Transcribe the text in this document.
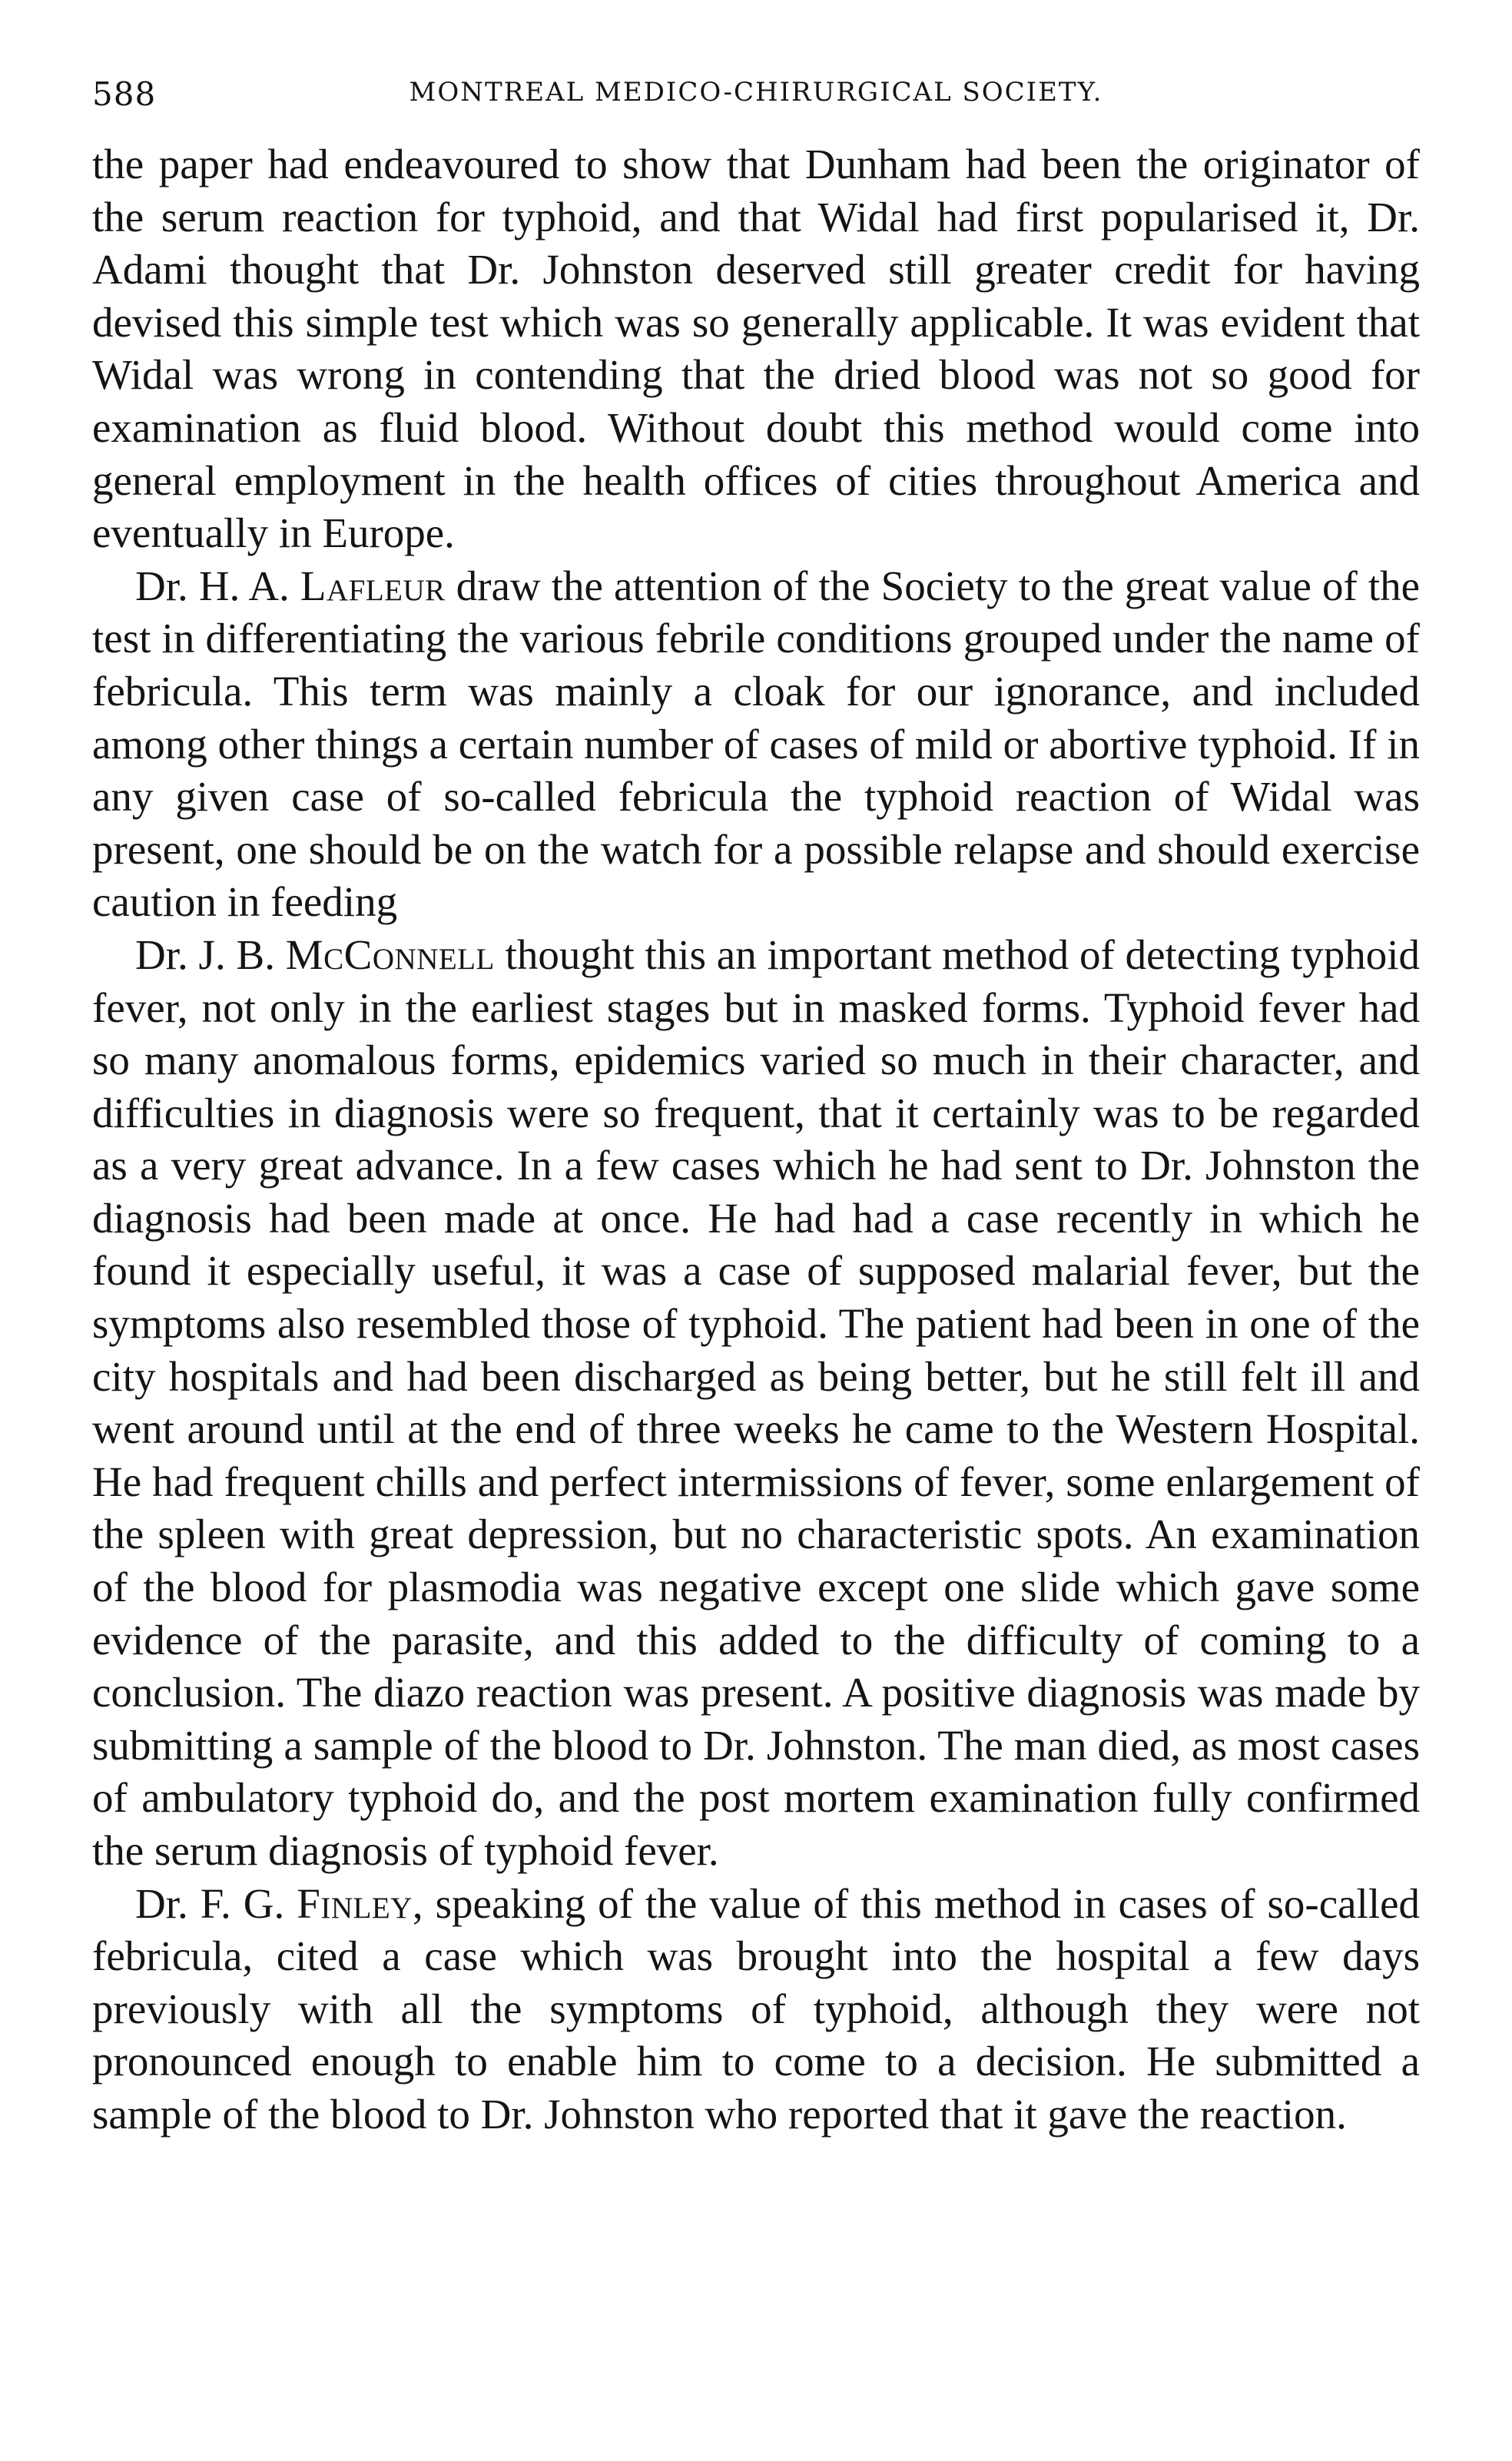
588	MONTREAL MEDICO-CHIRURGICAL SOCIETY.

the paper had endeavoured to show that Dunham had been the originator of the serum reaction for typhoid, and that Widal had first popularised it, Dr. Adami thought that Dr. Johnston deserved still greater credit for having devised this simple test which was so generally applicable. It was evident that Widal was wrong in contending that the dried blood was not so good for examination as fluid blood. Without doubt this method would come into general employment in the health offices of cities throughout America and eventually in Europe.

Dr. H. A. Lafleur draw the attention of the Society to the great value of the test in differentiating the various febrile conditions grouped under the name of febricula. This term was mainly a cloak for our ignorance, and included among other things a certain number of cases of mild or abortive typhoid. If in any given case of so-called febricula the typhoid reaction of Widal was present, one should be on the watch for a possible relapse and should exercise caution in feeding

Dr. J. B. McConnell thought this an important method of detecting typhoid fever, not only in the earliest stages but in masked forms. Typhoid fever had so many anomalous forms, epidemics varied so much in their character, and difficulties in diagnosis were so frequent, that it certainly was to be regarded as a very great advance. In a few cases which he had sent to Dr. Johnston the diagnosis had been made at once. He had had a case recently in which he found it especially useful, it was a case of supposed malarial fever, but the symptoms also resembled those of typhoid. The patient had been in one of the city hospitals and had been discharged as being better, but he still felt ill and went around until at the end of three weeks he came to the Western Hospital. He had frequent chills and perfect intermissions of fever, some enlargement of the spleen with great depression, but no characteristic spots. An examination of the blood for plasmodia was negative except one slide which gave some evidence of the parasite, and this added to the difficulty of coming to a conclusion. The diazo reaction was present. A positive diagnosis was made by submitting a sample of the blood to Dr. Johnston. The man died, as most cases of ambulatory typhoid do, and the post mortem examination fully confirmed the serum diagnosis of typhoid fever.

Dr. F. G. Finley, speaking of the value of this method in cases of so-called febricula, cited a case which was brought into the hospital a few days previously with all the symptoms of typhoid, although they were not pronounced enough to enable him to come to a decision. He submitted a sample of the blood to Dr. Johnston who reported that it gave the reaction.
